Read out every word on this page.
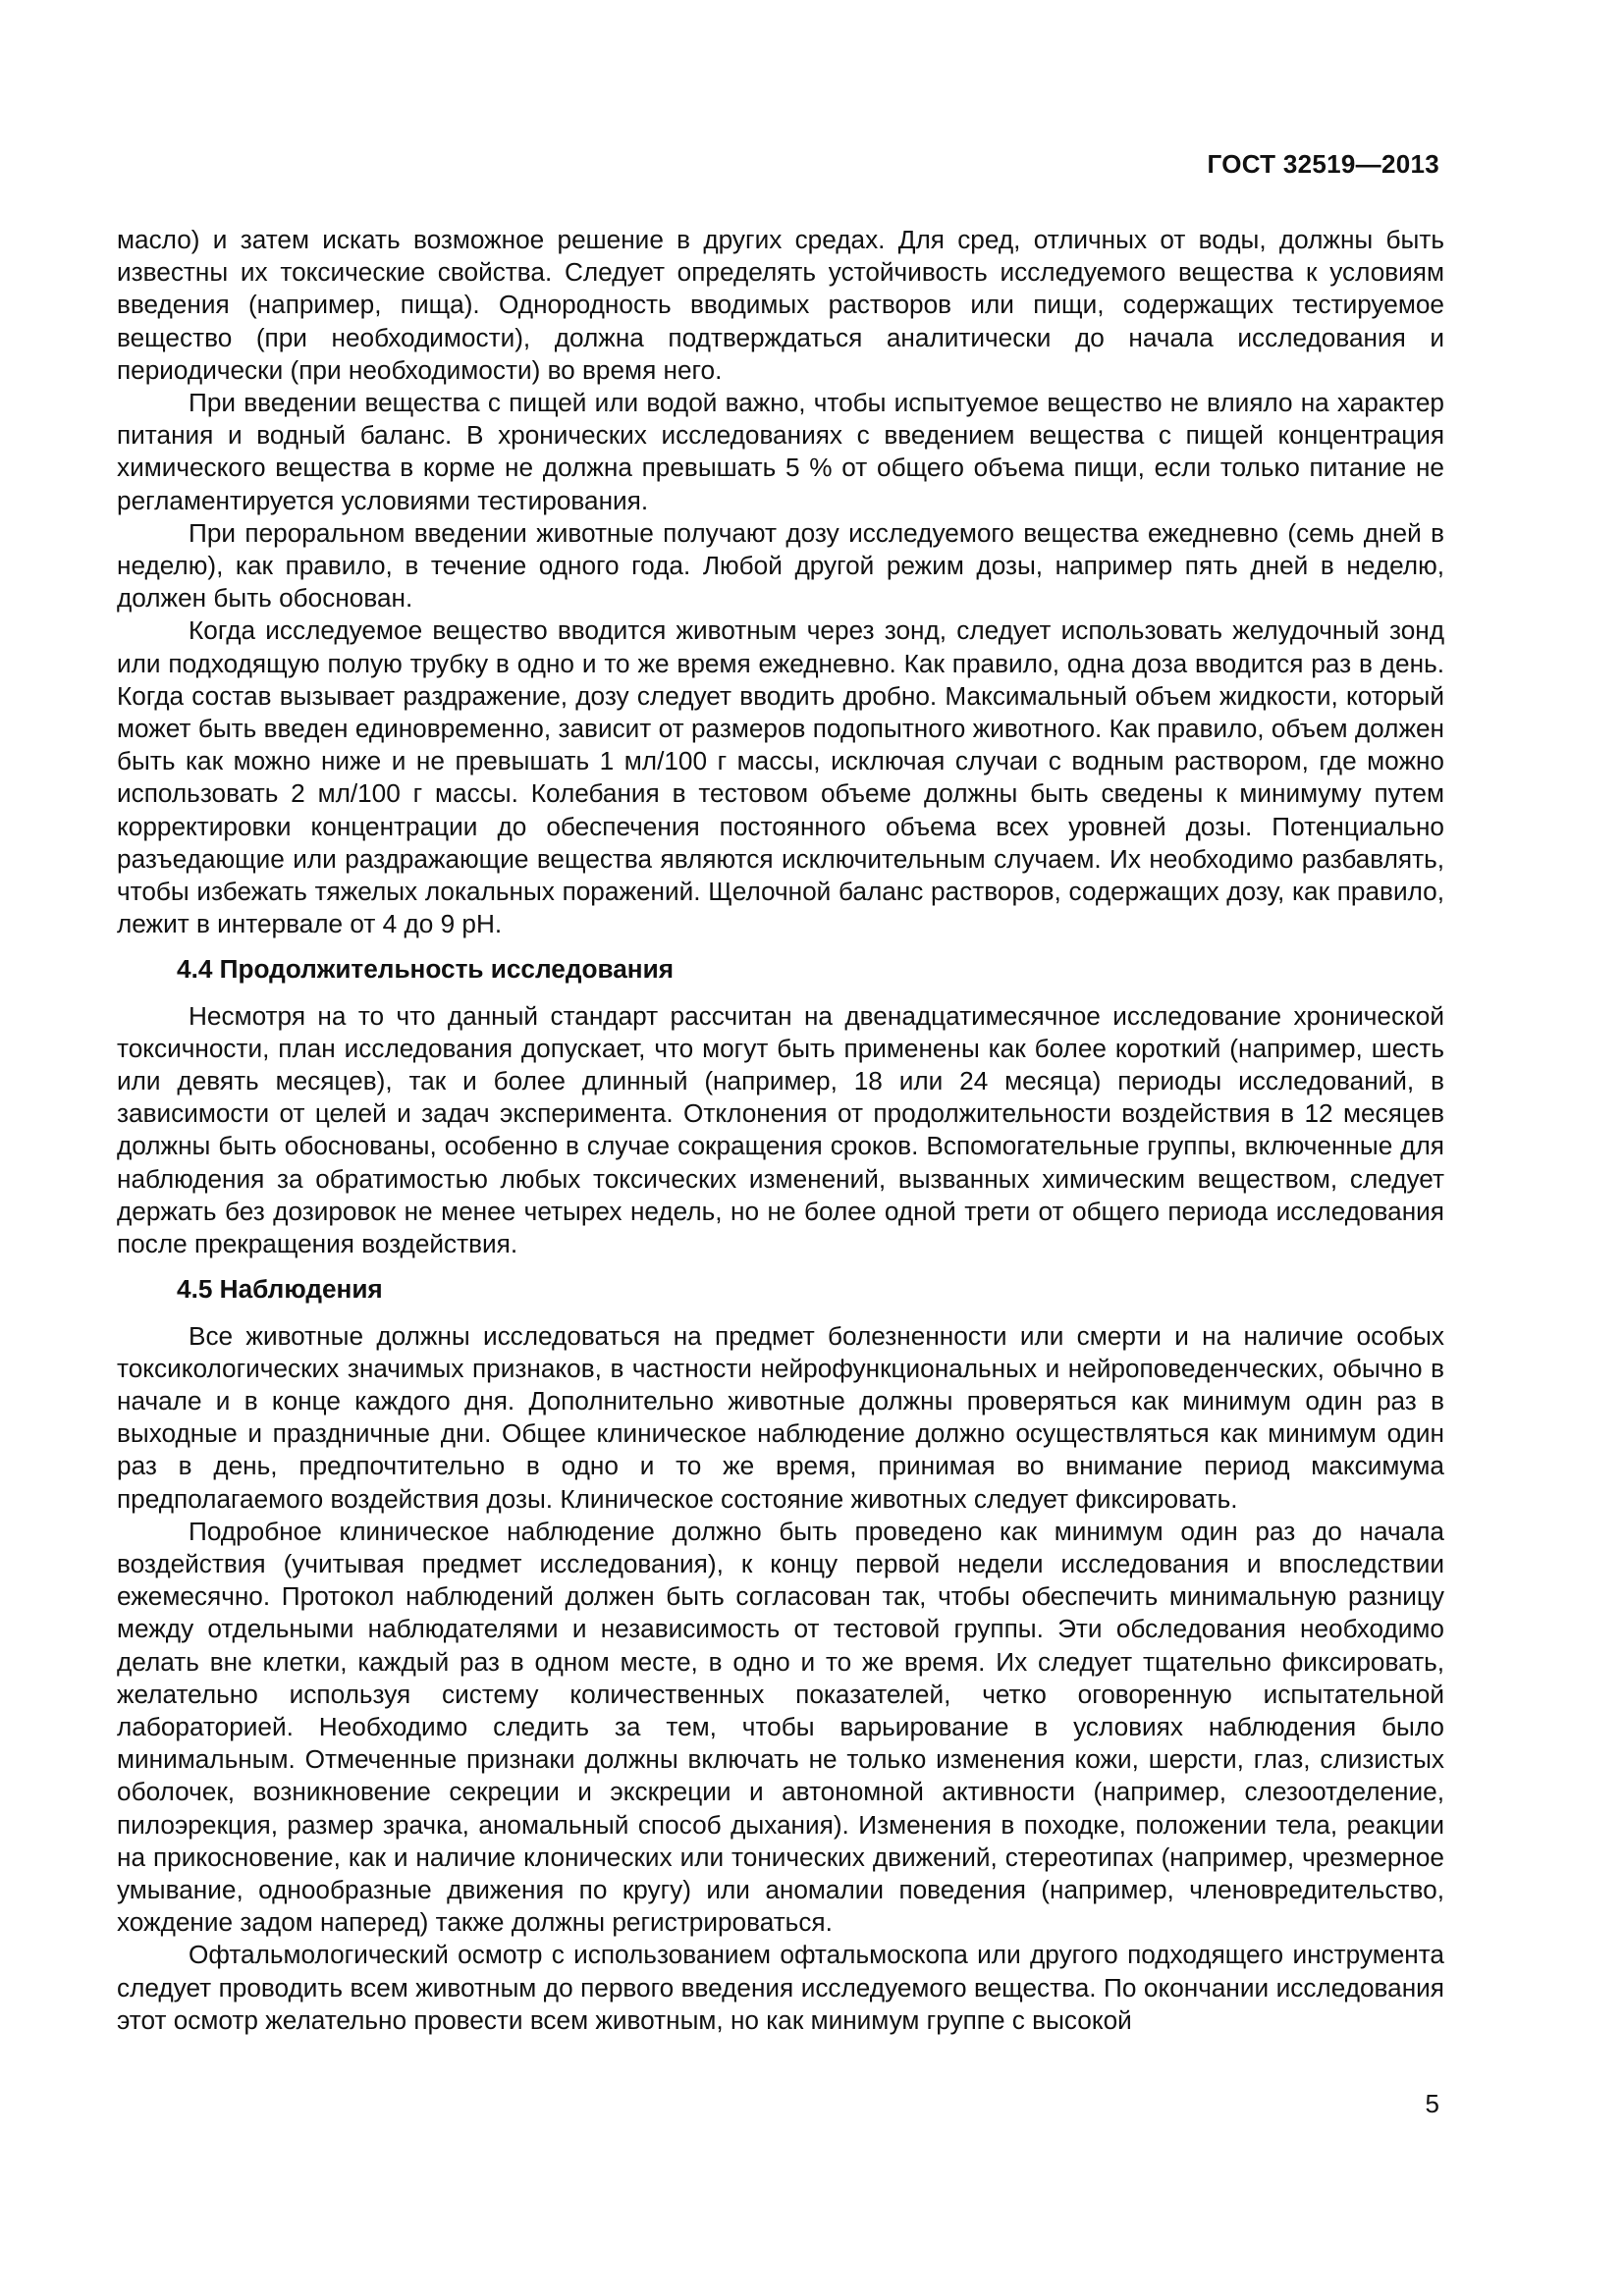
ГОСТ 32519—2013

масло) и затем искать возможное решение в других средах. Для сред, отличных от воды, должны быть известны их токсические свойства. Следует определять устойчивость исследуемого вещества к условиям введения (например, пища). Однородность вводимых растворов или пищи, содержащих тестируемое вещество (при необходимости), должна подтверждаться аналитически до начала исследования и периодически (при необходимости) во время него.

При введении вещества с пищей или водой важно, чтобы испытуемое вещество не влияло на характер питания и водный баланс. В хронических исследованиях с введением вещества с пищей концентрация химического вещества в корме не должна превышать 5 % от общего объема пищи, если только питание не регламентируется условиями тестирования.

При пероральном введении животные получают дозу исследуемого вещества ежедневно (семь дней в неделю), как правило, в течение одного года. Любой другой режим дозы, например пять дней в неделю, должен быть обоснован.

Когда исследуемое вещество вводится животным через зонд, следует использовать желудочный зонд или подходящую полую трубку в одно и то же время ежедневно. Как правило, одна доза вводится раз в день. Когда состав вызывает раздражение, дозу следует вводить дробно. Максимальный объем жидкости, который может быть введен единовременно, зависит от размеров подопытного животного. Как правило, объем должен быть как можно ниже и не превышать 1 мл/100 г массы, исключая случаи с водным раствором, где можно использовать 2 мл/100 г массы. Колебания в тестовом объеме должны быть сведены к минимуму путем корректировки концентрации до обеспечения постоянного объема всех уровней дозы. Потенциально разъедающие или раздражающие вещества являются исключительным случаем. Их необходимо разбавлять, чтобы избежать тяжелых локальных поражений. Щелочной баланс растворов, содержащих дозу, как правило, лежит в интервале от 4 до 9 pH.

4.4 Продолжительность исследования

Несмотря на то что данный стандарт рассчитан на двенадцатимесячное исследование хронической токсичности, план исследования допускает, что могут быть применены как более короткий (например, шесть или девять месяцев), так и более длинный (например, 18 или 24 месяца) периоды исследований, в зависимости от целей и задач эксперимента. Отклонения от продолжительности воздействия в 12 месяцев должны быть обоснованы, особенно в случае сокращения сроков. Вспомогательные группы, включенные для наблюдения за обратимостью любых токсических изменений, вызванных химическим веществом, следует держать без дозировок не менее четырех недель, но не более одной трети от общего периода исследования после прекращения воздействия.

4.5 Наблюдения

Все животные должны исследоваться на предмет болезненности или смерти и на наличие особых токсикологических значимых признаков, в частности нейрофункциональных и нейроповеденческих, обычно в начале и в конце каждого дня. Дополнительно животные должны проверяться как минимум один раз в выходные и праздничные дни. Общее клиническое наблюдение должно осуществляться как минимум один раз в день, предпочтительно в одно и то же время, принимая во внимание период максимума предполагаемого воздействия дозы. Клиническое состояние животных следует фиксировать.

Подробное клиническое наблюдение должно быть проведено как минимум один раз до начала воздействия (учитывая предмет исследования), к концу первой недели исследования и впоследствии ежемесячно. Протокол наблюдений должен быть согласован так, чтобы обеспечить минимальную разницу между отдельными наблюдателями и независимость от тестовой группы. Эти обследования необходимо делать вне клетки, каждый раз в одном месте, в одно и то же время. Их следует тщательно фиксировать, желательно используя систему количественных показателей, четко оговоренную испытательной лабораторией. Необходимо следить за тем, чтобы варьирование в условиях наблюдения было минимальным. Отмеченные признаки должны включать не только изменения кожи, шерсти, глаз, слизистых оболочек, возникновение секреции и экскреции и автономной активности (например, слезоотделение, пилоэрекция, размер зрачка, аномальный способ дыхания). Изменения в походке, положении тела, реакции на прикосновение, как и наличие клонических или тонических движений, стереотипах (например, чрезмерное умывание, однообразные движения по кругу) или аномалии поведения (например, членовредительство, хождение задом наперед) также должны регистрироваться.

Офтальмологический осмотр с использованием офтальмоскопа или другого подходящего инструмента следует проводить всем животным до первого введения исследуемого вещества. По окончании исследования этот осмотр желательно провести всем животным, но как минимум группе с высокой

5
